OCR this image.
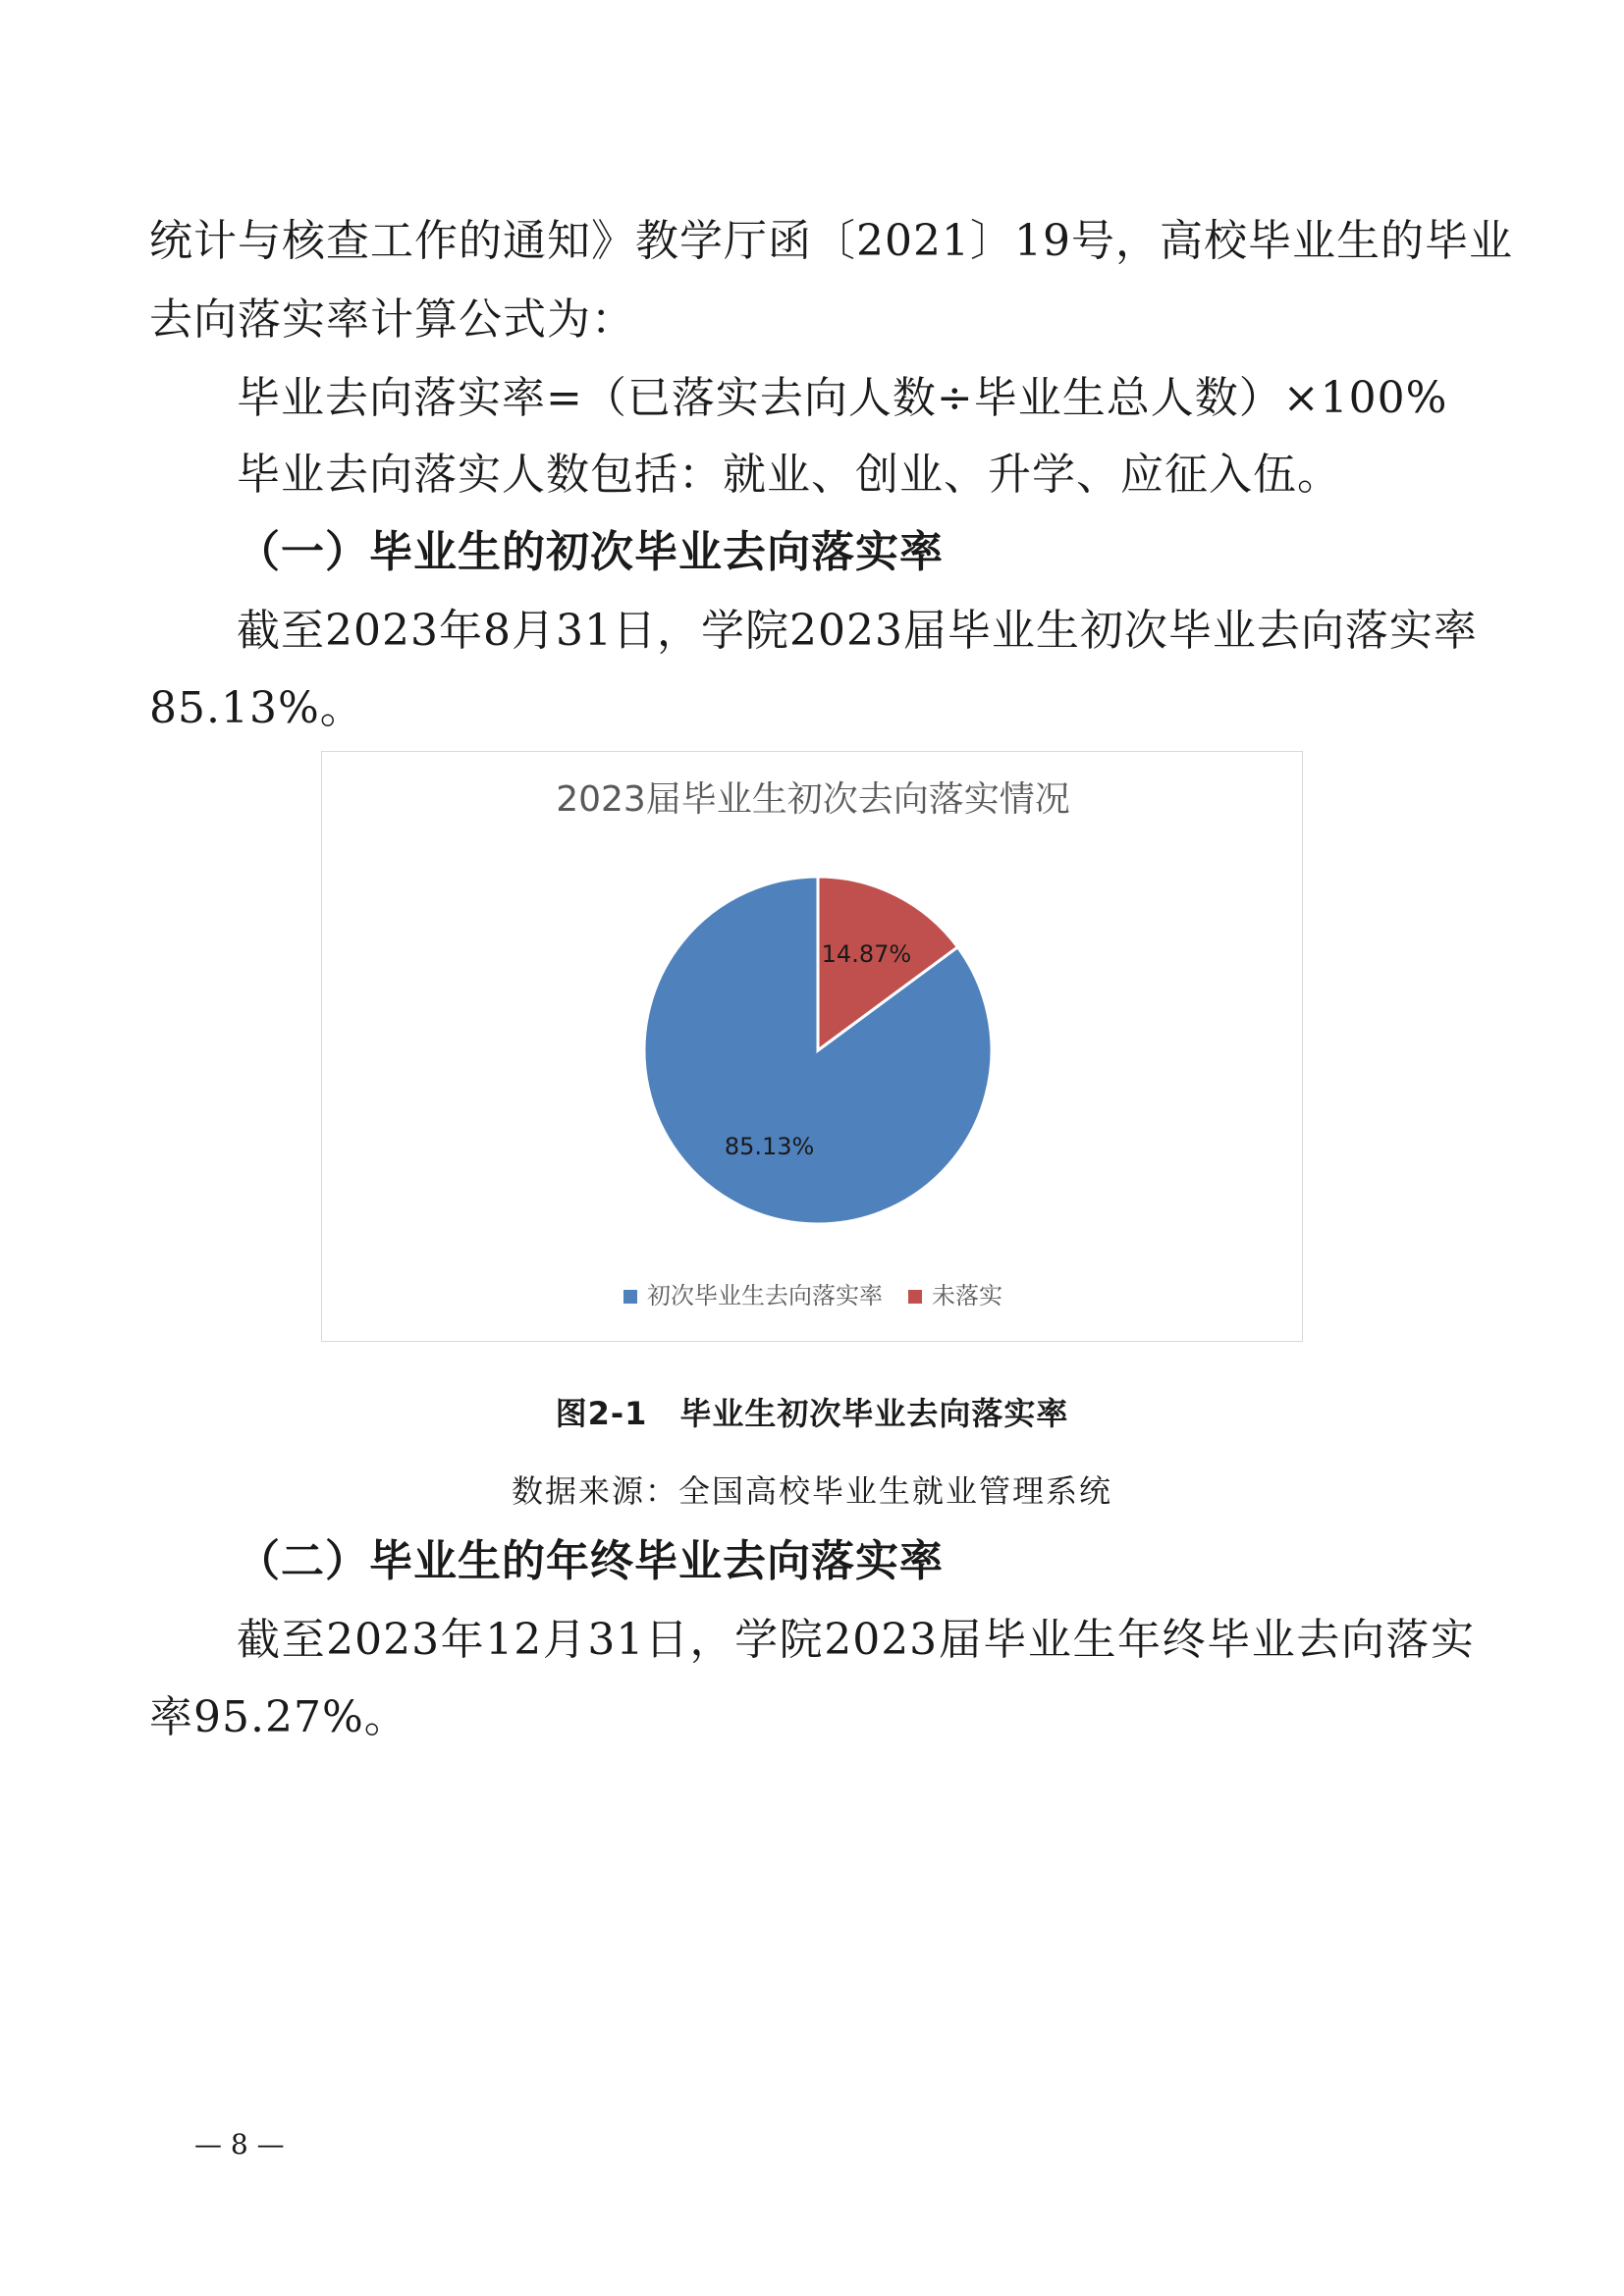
统计与核查工作的通知》教学厅函〔2021〕19号，高校毕业生的毕业
去向落实率计算公式为：
毕业去向落实率=（已落实去向人数÷毕业生总人数）×100%
毕业去向落实人数包括：就业、创业、升学、应征入伍。
（一）毕业生的初次毕业去向落实率
截至2023年8月31日，学院2023届毕业生初次毕业去向落实率
85.13%。
2023届毕业生初次去向落实情况
85.13%
14.87%
初次毕业生去向落实率 未落实
图2-1　毕业生初次毕业去向落实率
数据来源：全国高校毕业生就业管理系统
（二）毕业生的年终毕业去向落实率
截至2023年12月31日，学院2023届毕业生年终毕业去向落实
率95.27%。
— 8 —
